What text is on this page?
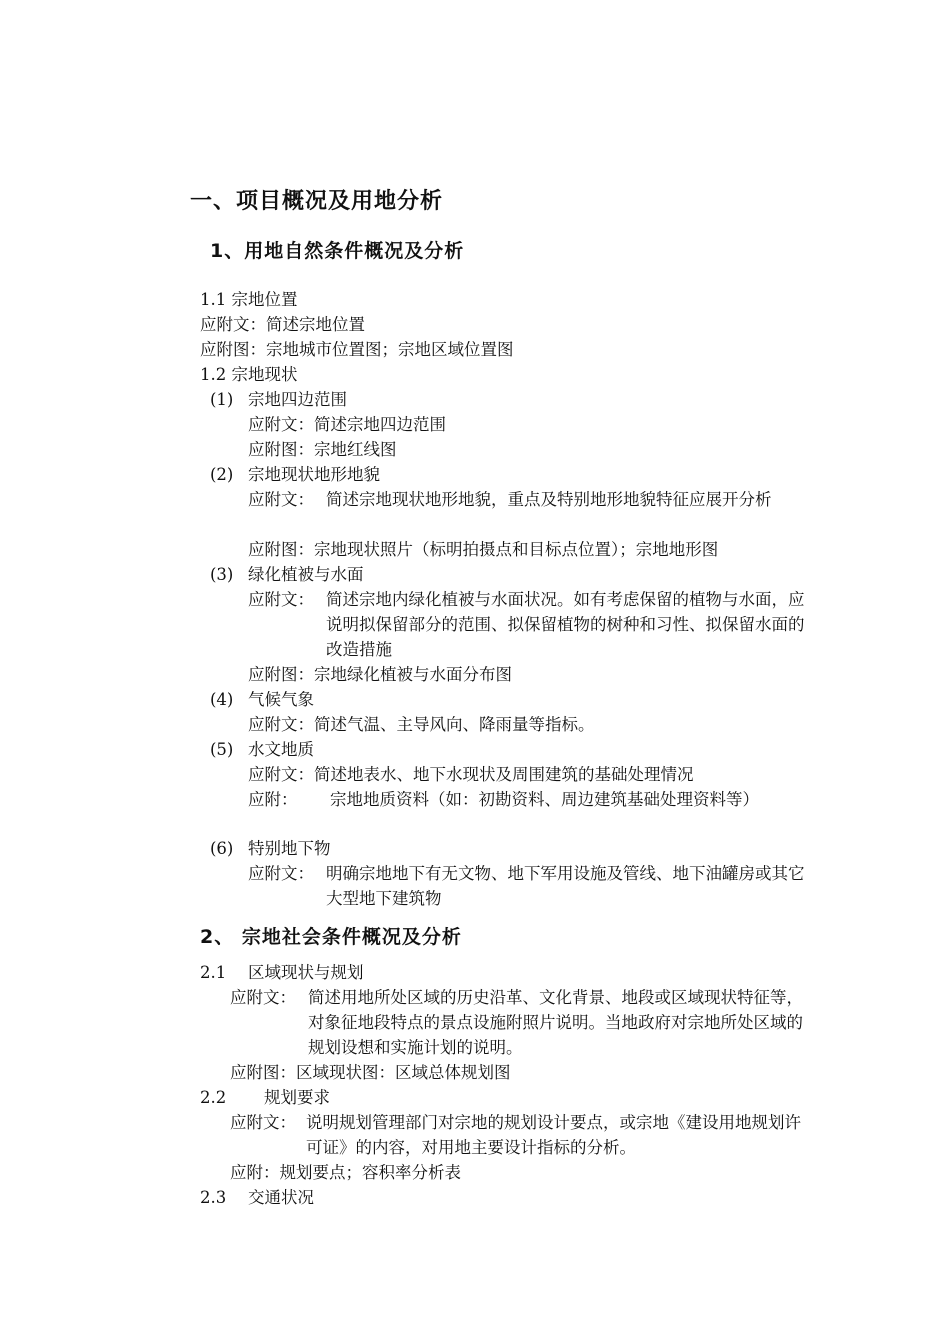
一、项目概况及用地分析
1、用地自然条件概况及分析
1.1 宗地位置
应附文：简述宗地位置
应附图：宗地城市位置图；宗地区域位置图
1.2 宗地现状
(1) 宗地四边范围
应附文：简述宗地四边范围
应附图：宗地红线图
(2) 宗地现状地形地貌
应附文： 简述宗地现状地形地貌，重点及特别地形地貌特征应展开分析
应附图：宗地现状照片（标明拍摄点和目标点位置）；宗地地形图
(3) 绿化植被与水面
应附文： 简述宗地内绿化植被与水面状况。如有考虑保留的植物与水面，应说明拟保留部分的范围、拟保留植物的树种和习性、拟保留水面的改造措施
应附图：宗地绿化植被与水面分布图
(4) 气候气象
应附文：简述气温、主导风向、降雨量等指标。
(5) 水文地质
应附文：简述地表水、地下水现状及周围建筑的基础处理情况
应附： 宗地地质资料（如：初勘资料、周边建筑基础处理资料等）
(6) 特别地下物
应附文： 明确宗地地下有无文物、地下军用设施及管线、地下油罐房或其它大型地下建筑物
2、 宗地社会条件概况及分析
2.1 区域现状与规划
应附文： 简述用地所处区域的历史沿革、文化背景、地段或区域现状特征等，对象征地段特点的景点设施附照片说明。当地政府对宗地所处区域的规划设想和实施计划的说明。
应附图：区域现状图：区域总体规划图
2.2 规划要求
应附文： 说明规划管理部门对宗地的规划设计要点，或宗地《建设用地规划许可证》的内容，对用地主要设计指标的分析。
应附：规划要点；容积率分析表
2.3 交通状况
